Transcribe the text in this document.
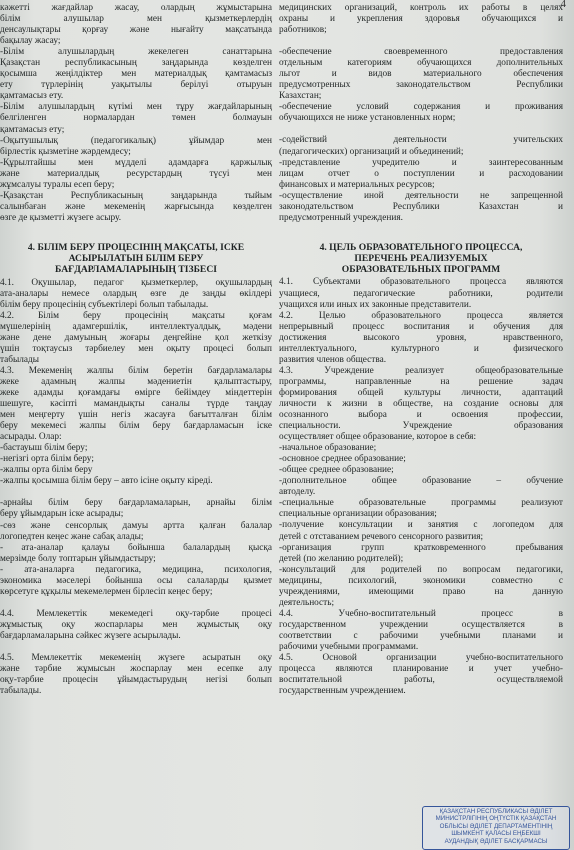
4

кәжетті жағдайлар жасау, олардың жұмыстарына

білім алушылар мен қызметкерлердің

денсаулықтары қорғау және нығайту мақсатында

бақылау жасау;

-Білім алушылардың жекелеген санаттарына

Қазақстан республикасының заңдарында көзделген

қосымша жеңілдіктер мен материалдық қамтамасыз

ету түрлерінің уақытылы берілуі отыруын

қамтамасыз ету.

-Білім алушылардың күтімі мен тұру жағдайларының

белгіленген нормалардан төмен болмауын

қамтамасыз ету;

-Оқытушылық (педагогикалық) ұйымдар мен

бірлестік қызметіне жәрдемдесу;

-Құрылтайшы мен мүдделі адамдарға қаржылық

және материалдық ресурстардың түсуі мен

жұмсалуы туралы есеп беру;

-Қазақстан Республикасының заңдарында тыйым

салынбаған және мекеменің жарғысында көзделген

өзге де қызметті жүзеге асыру.

4. БІЛІМ БЕРУ ПРОЦЕСІНІҢ МАҚСАТЫ, ІСКЕ
АСЫРЫЛАТЫН БІЛІМ БЕРУ
БАҒДАРЛАМАЛАРЫНЫҢ ТІЗБЕСІ

4.1. Оқушылар, педагог қызметкерлер, оқушылардың

ата-аналары немесе олардың өзге де заңды өкілдері

білім беру процесінің субъектілері болып табылады.

4.2. Білім беру процесінің мақсаты қоғам

мүшелерінің адамгершілік, интеллектуалдық, мәдени

және дене дамуының жоғары деңгейіне қол жеткізу

үшін тоқтаусыз тәрбиелеу мен оқыту процесі болып

табылады

4.3. Мекеменің жалпы білім беретін бағдарламалары

жеке адамның жалпы мәдениетін қалыптастыру,

жеке адамды қоғамдағы өмірге бейімдеу міндеттерін

шешуге, кәсіпті мамандықты саналы түрде таңдау

мен меңгерту үшін негіз жасауға бағытталған білім

беру мекемесі жалпы білім беру бағдарламасын іске

асырады. Олар:

-бастауыш білім беру;

-негізгі орта білім беру;

-жалпы орта білім беру

-жалпы қосымша білім беру – авто ісіне оқыту кіреді.

-арнайы білім беру бағдарламаларын, арнайы білім

беру ұйымдарын іске асырады;

-сөз және сенсорлық дамуы артта қалған балалар

логопедтен кеңес және сабақ алады;

- ата-аналар қалауы бойынша балалардың қысқа

мерзімде болу топтарын ұйымдастыру;

- ата-аналарға педагогика, медицина, психология,

экономика мәселері бойынша осы салаларды қызмет

көрсетуге құқылы мекемелермен бірлесіп кеңес беру;

4.4. Мемлекеттік мекемедегі оқу-тәрбие процесі

жұмыстық оқу жоспарлары мен жұмыстық оқу

бағдарламаларына сәйкес жүзеге асырылады.

4.5. Мемлекеттік мекеменің жүзеге асыратын оқу

және тәрбие жұмысын жоспарлау мен есепке алу

оқу-тәрбие процесін ұйымдастырудың негізі болып

табылады.

медицинских организаций, контроль их работы в целях

охраны и укрепления здоровья обучающихся и

работников;

-обеспечение своевременного предоставления

отдельным категориям обучающихся дополнительных

льгот и видов материального обеспечения

предусмотренных законодательством Республики

Казахстан;

-обеспечение условий содержания и проживания

обучающихся не ниже установленных норм;

-содействий деятельности учительских

(педагогических) организаций и объединений;

-представление учредителю и заинтересованным

лицам отчет о поступлении и расходовании

финансовых и материальных ресурсов;

-осуществление иной деятельности не запрещенной

законодательством Республики Казахстан и

предусмотренный учреждения.

4. ЦЕЛЬ ОБРАЗОВАТЕЛЬНОГО ПРОЦЕССА,
ПЕРЕЧЕНЬ РЕАЛИЗУЕМЫХ
ОБРАЗОВАТЕЛЬНЫХ ПРОГРАММ

4.1. Субъектами образовательного процесса являются

учащиеся, педагогические работники, родители

учащихся или иных их законные представители.

4.2. Целью образовательного процесса является

непрерывный процесс воспитания и обучения для

достижения высокого уровня, нравственного,

интеллектуального, культурного и физического

развития членов общества.

4.3. Учреждение реализует общеобразовательные

программы, направленные на решение задач

формирования общей культуры личности, адаптаций

личности к жизни в обществе, на создание основы для

осознанного выбора и освоения профессии,

специальности. Учреждение образования

осуществляет общее образование, которое в себя:

-начальное образование;

-основное среднее образование;

-общее среднее образование;

-дополнительное общее образование – обучение

автоделу.

-специальные образовательные программы реализуют

специальные организации образования;

-получение консультации и занятия с логопедом для

детей с отставанием речевого сенсорного развития;

-организация групп кратковременного пребывания

детей (по желанию родителей);

-консультаций для родителей по вопросам педагогики,

медицины, психологий, экономики совместно с

учреждениями, имеющими право на данную

деятельность;

4.4. Учебно-воспитательный процесс в

государственном учреждении осуществляется в

соответствии с рабочими учебными планами и

рабочими учебными программами.

4.5. Основой организации учебно-воспитательного

процесса являются планирование и учет учебно-

воспитательной работы, осуществляемой

государственным учреждением.

ҚАЗАҚСТАН РЕСПУБЛИКАСЫ ӘДІЛЕТ
МИНИСТРЛІГІНІҢ ОҢТҮСТІК ҚАЗАҚСТАН
ОБЛЫСЫ ӘДІЛЕТ ДЕПАРТАМЕНТІНІҢ
ШЫМКЕНТ ҚАЛАСЫ ЕҢБЕКШІ
АУДАНДЫҚ ӘДІЛЕТ БАСҚАРМАСЫ
